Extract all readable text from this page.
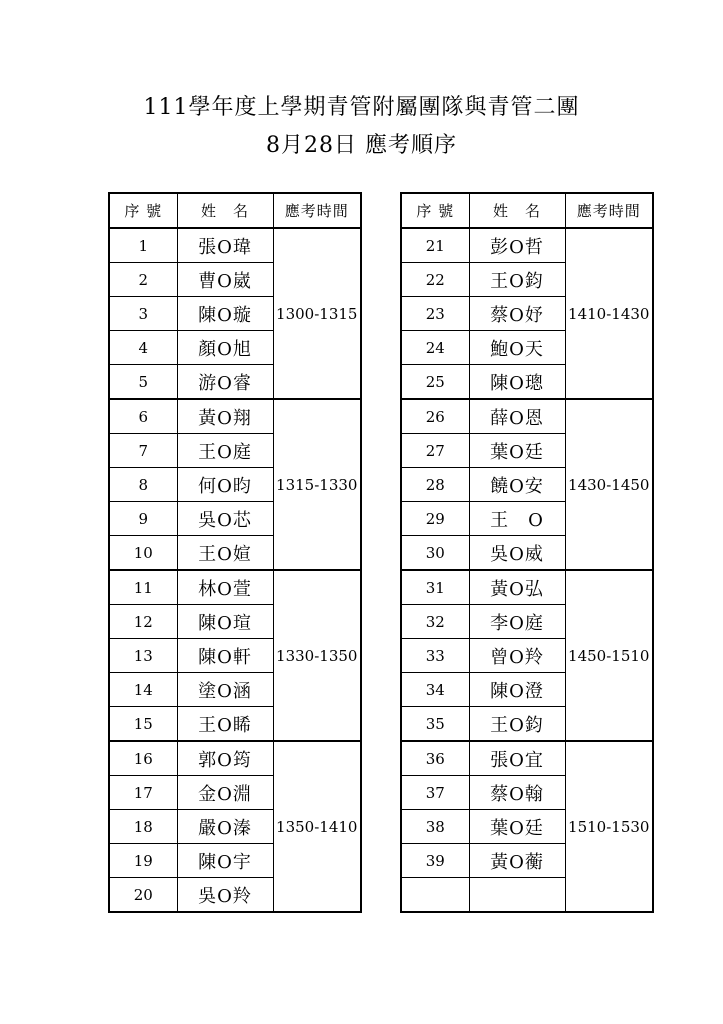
111學年度上學期青管附屬團隊與青管二團
8月28日 應考順序
序 號	姓　名	應考時間
1	張O瑋	1300-1315
2	曹O崴	
3	陳O璇	
4	顏O旭	
5	游O睿	
6	黃O翔	1315-1330
7	王O庭	
8	何O昀	
9	吳O芯	
10	王O媗	
11	林O萱	1330-1350
12	陳O瑄	
13	陳O軒	
14	塗O涵	
15	王O睎	
16	郭O筠	1350-1410
17	金O淵	
18	嚴O溱	
19	陳O宇	
20	吳O羚	
序 號	姓　名	應考時間
21	彭O哲	1410-1430
22	王O鈞	
23	蔡O妤	
24	鮑O天	
25	陳O璁	
26	薛O恩	1430-1450
27	葉O廷	
28	饒O安	
29	王　O	
30	吳O威	
31	黃O弘	1450-1510
32	李O庭	
33	曾O羚	
34	陳O澄	
35	王O鈞	
36	張O宜	1510-1530
37	蔡O翰	
38	葉O廷	
39	黃O蘅	
